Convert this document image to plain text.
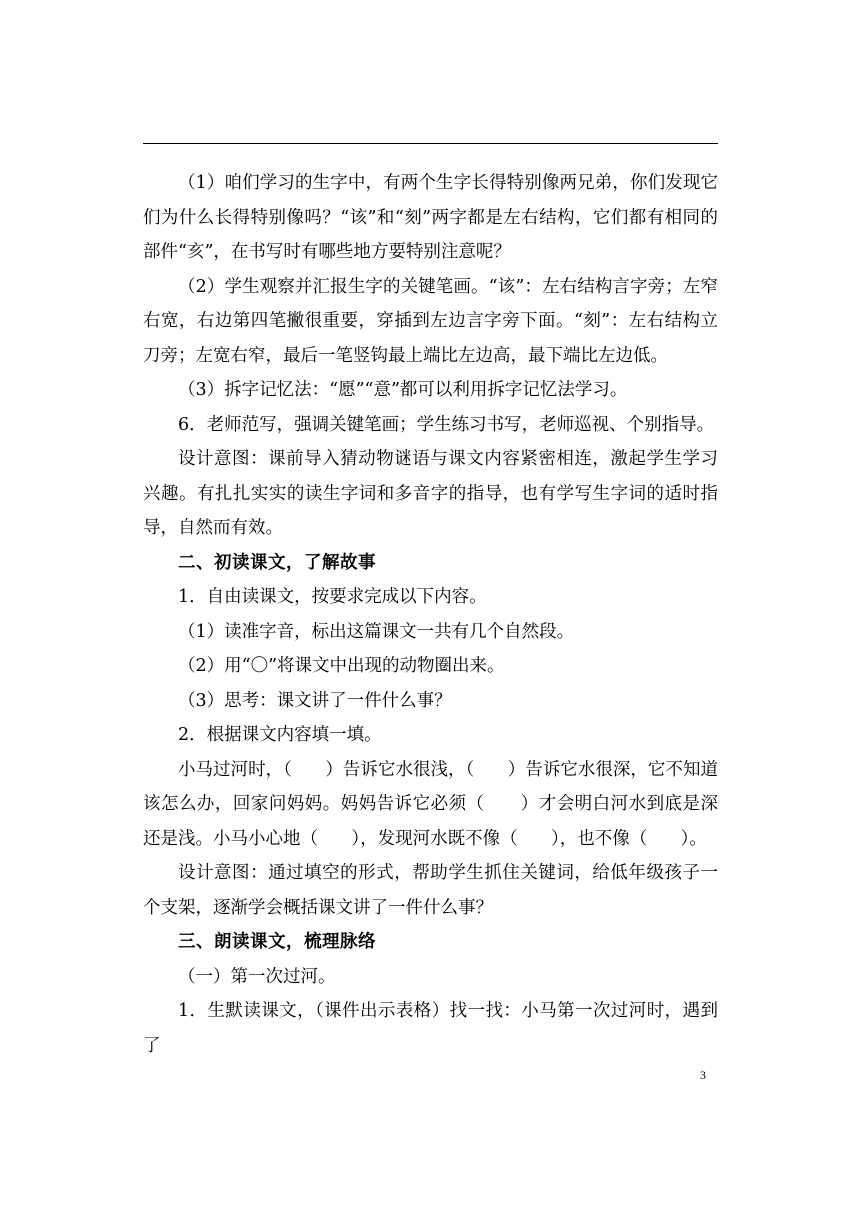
（1）咱们学习的生字中，有两个生字长得特别像两兄弟，你们发现它们为什么长得特别像吗？“该”和“刻”两字都是左右结构，它们都有相同的部件“亥”，在书写时有哪些地方要特别注意呢？

（2）学生观察并汇报生字的关键笔画。“该”：左右结构言字旁；左窄右宽，右边第四笔撇很重要，穿插到左边言字旁下面。“刻”：左右结构立刀旁；左宽右窄，最后一笔竖钩最上端比左边高，最下端比左边低。

（3）拆字记忆法：“愿”“意”都可以利用拆字记忆法学习。

6．老师范写，强调关键笔画；学生练习书写，老师巡视、个别指导。

设计意图：课前导入猜动物谜语与课文内容紧密相连，激起学生学习兴趣。有扎扎实实的读生字词和多音字的指导，也有学写生字词的适时指导，自然而有效。

二、初读课文，了解故事

1．自由读课文，按要求完成以下内容。

（1）读准字音，标出这篇课文一共有几个自然段。

（2）用“〇”将课文中出现的动物圈出来。

（3）思考：课文讲了一件什么事？

2．根据课文内容填一填。

小马过河时，（      ）告诉它水很浅，（      ）告诉它水很深，它不知道该怎么办，回家问妈妈。妈妈告诉它必须（      ）才会明白河水到底是深还是浅。小马小心地（      ），发现河水既不像（      ），也不像（      ）。

设计意图：通过填空的形式，帮助学生抓住关键词，给低年级孩子一个支架，逐渐学会概括课文讲了一件什么事？

三、朗读课文，梳理脉络

（一）第一次过河。

1．生默读课文，（课件出示表格）找一找：小马第一次过河时，遇到了

3
